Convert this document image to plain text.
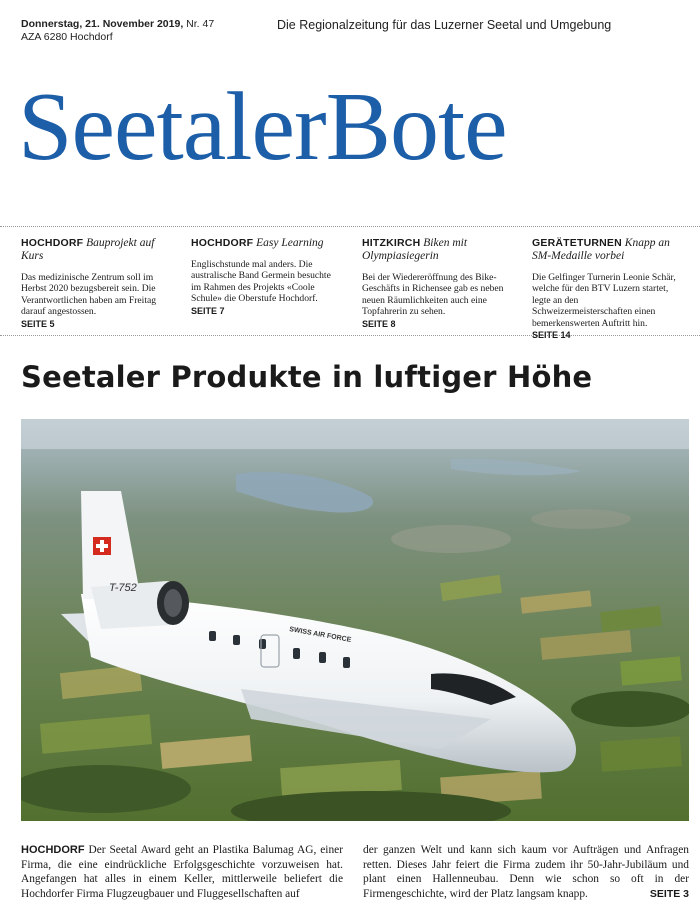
Donnerstag, 21. November 2019, Nr. 47
AZA 6280 Hochdorf
Die Regionalzeitung für das Luzerner Seetal und Umgebung
SeetalerBote

HOCHDORF Bauprojekt auf Kurs

Das medizinische Zentrum soll im Herbst 2020 bezugsbereit sein. Die Verantwortlichen haben am Freitag darauf angestossen.

SEITE 5

HOCHDORF Easy Learning

Englischstunde mal anders. Die australische Band Germein besuchte im Rahmen des Projekts «Coole Schule» die Oberstufe Hochdorf.

SEITE 7

HITZKIRCH Biken mit Olympiasiegerin

Bei der Wiedereröffnung des Bike-Geschäfts in Richensee gab es neben neuen Räumlichkeiten auch eine Topfahrerin zu sehen.

SEITE 8

GERÄTETURNEN Knapp an SM-Medaille vorbei

Die Gelfinger Turnerin Leonie Schär, welche für den BTV Luzern startet, legte an den Schweizermeisterschaften einen bemerkenswerten Auftritt hin.

SEITE 14
Seetaler Produkte in luftiger Höhe
T-752
SWISS AIR FORCE
HOCHDORF Der Seetal Award geht an Plastika Balumag AG, einer Firma, die eine eindrückliche Erfolgsgeschichte vorzuweisen hat. Angefangen hat alles in einem Keller, mittlerweile beliefert die Hochdorfer Firma Flugzeugbauer und Fluggesellschaften auf
der ganzen Welt und kann sich kaum vor Aufträgen und Anfragen retten. Dieses Jahr feiert die Firma zudem ihr 50-Jahr-Jubiläum und plant einen Hallenneubau. Denn wie schon so oft in der Firmengeschichte, wird der Platz langsam knapp.	SEITE 3
